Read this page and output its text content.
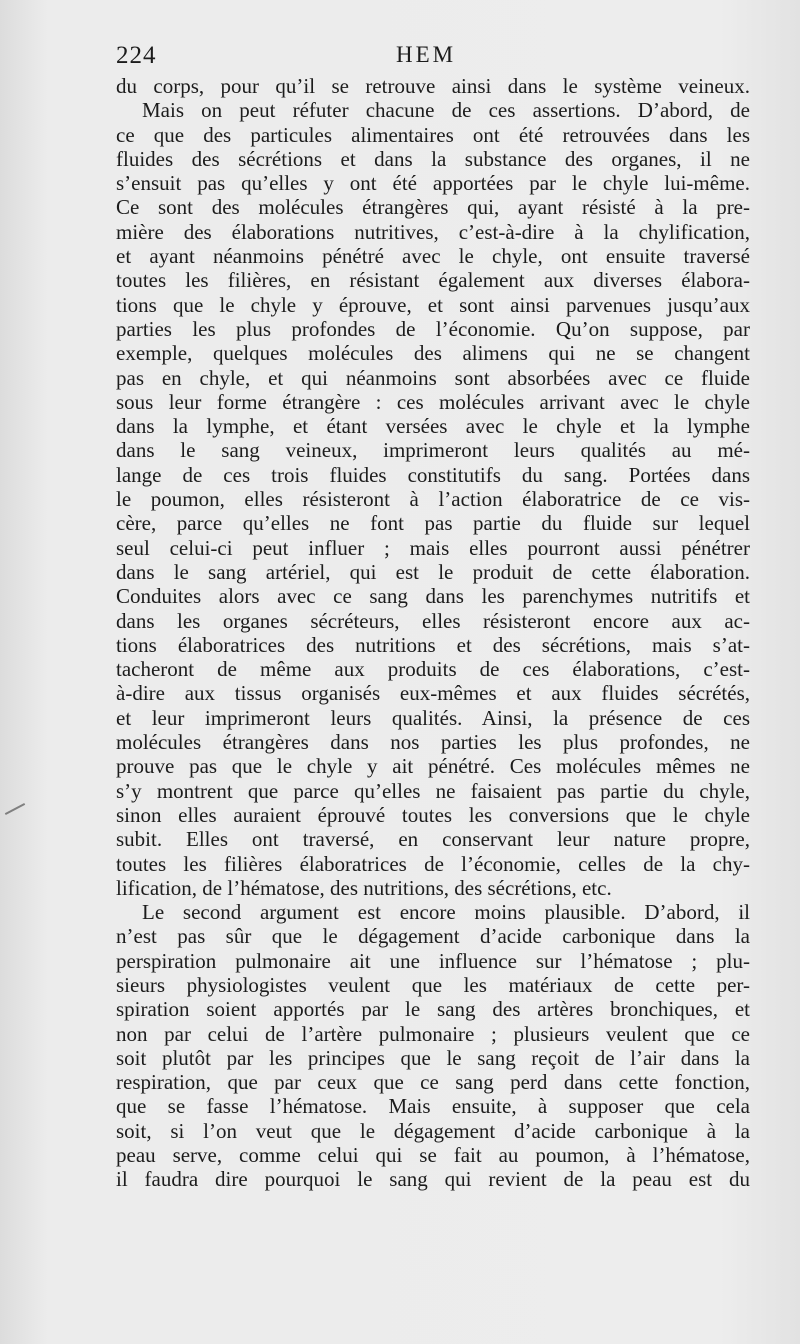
224	HEM
du corps, pour qu’il se retrouve ainsi dans le système veineux.
Mais on peut réfuter chacune de ces assertions. D’abord, de
ce que des particules alimentaires ont été retrouvées dans les
fluides des sécrétions et dans la substance des organes, il ne
s’ensuit pas qu’elles y ont été apportées par le chyle lui-même.
Ce sont des molécules étrangères qui, ayant résisté à la pre-
mière des élaborations nutritives, c’est-à-dire à la chylification,
et ayant néanmoins pénétré avec le chyle, ont ensuite traversé
toutes les filières, en résistant également aux diverses élabora-
tions que le chyle y éprouve, et sont ainsi parvenues jusqu’aux
parties les plus profondes de l’économie. Qu’on suppose, par
exemple, quelques molécules des alimens qui ne se changent
pas en chyle, et qui néanmoins sont absorbées avec ce fluide
sous leur forme étrangère : ces molécules arrivant avec le chyle
dans la lymphe, et étant versées avec le chyle et la lymphe
dans le sang veineux, imprimeront leurs qualités au mé-
lange de ces trois fluides constitutifs du sang. Portées dans
le poumon, elles résisteront à l’action élaboratrice de ce vis-
cère, parce qu’elles ne font pas partie du fluide sur lequel
seul celui-ci peut influer ; mais elles pourront aussi pénétrer
dans le sang artériel, qui est le produit de cette élaboration.
Conduites alors avec ce sang dans les parenchymes nutritifs et
dans les organes sécréteurs, elles résisteront encore aux ac-
tions élaboratrices des nutritions et des sécrétions, mais s’at-
tacheront de même aux produits de ces élaborations, c’est-
à-dire aux tissus organisés eux-mêmes et aux fluides sécrétés,
et leur imprimeront leurs qualités. Ainsi, la présence de ces
molécules étrangères dans nos parties les plus profondes, ne
prouve pas que le chyle y ait pénétré. Ces molécules mêmes ne
s’y montrent que parce qu’elles ne faisaient pas partie du chyle,
sinon elles auraient éprouvé toutes les conversions que le chyle
subit. Elles ont traversé, en conservant leur nature propre,
toutes les filières élaboratrices de l’économie, celles de la chy-
lification, de l’hématose, des nutritions, des sécrétions, etc.
Le second argument est encore moins plausible. D’abord, il
n’est pas sûr que le dégagement d’acide carbonique dans la
perspiration pulmonaire ait une influence sur l’hématose ; plu-
sieurs physiologistes veulent que les matériaux de cette per-
spiration soient apportés par le sang des artères bronchiques, et
non par celui de l’artère pulmonaire ; plusieurs veulent que ce
soit plutôt par les principes que le sang reçoit de l’air dans la
respiration, que par ceux que ce sang perd dans cette fonction,
que se fasse l’hématose. Mais ensuite, à supposer que cela
soit, si l’on veut que le dégagement d’acide carbonique à la
peau serve, comme celui qui se fait au poumon, à l’hématose,
il faudra dire pourquoi le sang qui revient de la peau est du
